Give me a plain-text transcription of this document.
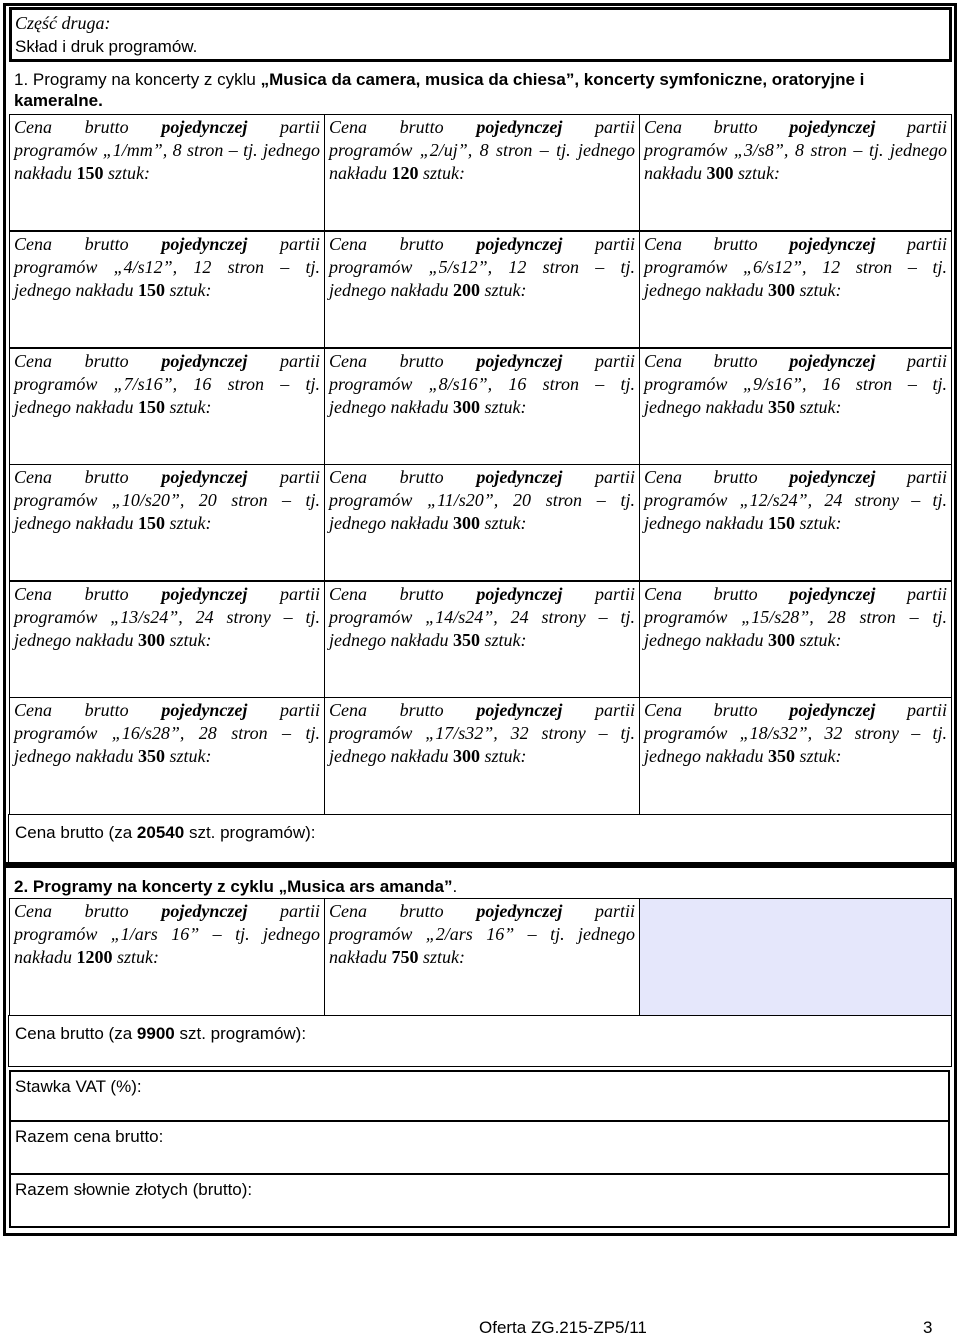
Część druga:
Skład i druk programów.
1. Programy na koncerty z cyklu „Musica da camera, musica da chiesa”, koncerty symfoniczne, oratoryjne i kameralne.
Cena brutto pojedynczej partii programów „1/mm”, 8 stron – tj. jednego nakładu 150 sztuk:
Cena brutto pojedynczej partii programów „2/uj”, 8 stron – tj. jednego nakładu 120 sztuk:
Cena brutto pojedynczej partii programów „3/s8”, 8 stron – tj. jednego nakładu 300 sztuk:
Cena brutto pojedynczej partii programów „4/s12”, 12 stron – tj. jednego nakładu 150 sztuk:
Cena brutto pojedynczej partii programów „5/s12”, 12 stron – tj. jednego nakładu 200 sztuk:
Cena brutto pojedynczej partii programów „6/s12”, 12 stron – tj. jednego nakładu 300 sztuk:
Cena brutto pojedynczej partii programów „7/s16”, 16 stron – tj. jednego nakładu 150 sztuk:
Cena brutto pojedynczej partii programów „8/s16”, 16 stron – tj. jednego nakładu 300 sztuk:
Cena brutto pojedynczej partii programów „9/s16”, 16 stron – tj. jednego nakładu 350 sztuk:
Cena brutto pojedynczej partii programów „10/s20”, 20 stron – tj. jednego nakładu 150 sztuk:
Cena brutto pojedynczej partii programów „11/s20”, 20 stron – tj. jednego nakładu 300 sztuk:
Cena brutto pojedynczej partii programów „12/s24”, 24 strony – tj. jednego nakładu 150 sztuk:
Cena brutto pojedynczej partii programów „13/s24”, 24 strony – tj. jednego nakładu 300 sztuk:
Cena brutto pojedynczej partii programów „14/s24”, 24 strony – tj. jednego nakładu 350 sztuk:
Cena brutto pojedynczej partii programów „15/s28”, 28 stron – tj. jednego nakładu 300 sztuk:
Cena brutto pojedynczej partii programów „16/s28”, 28 stron – tj. jednego nakładu 350 sztuk:
Cena brutto pojedynczej partii programów „17/s32”, 32 strony – tj. jednego nakładu 300 sztuk:
Cena brutto pojedynczej partii programów „18/s32”, 32 strony – tj. jednego nakładu 350 sztuk:
Cena brutto (za 20540 szt. programów):
2. Programy na koncerty z cyklu „Musica ars amanda”.
Cena brutto pojedynczej partii programów „1/ars 16” – tj. jednego nakładu 1200 sztuk:
Cena brutto pojedynczej partii programów „2/ars 16” – tj. jednego nakładu 750 sztuk:
Cena brutto (za 9900 szt. programów):
Stawka VAT (%):
Razem cena brutto:
Razem słownie złotych (brutto):
Oferta ZG.215-ZP5/11	3
